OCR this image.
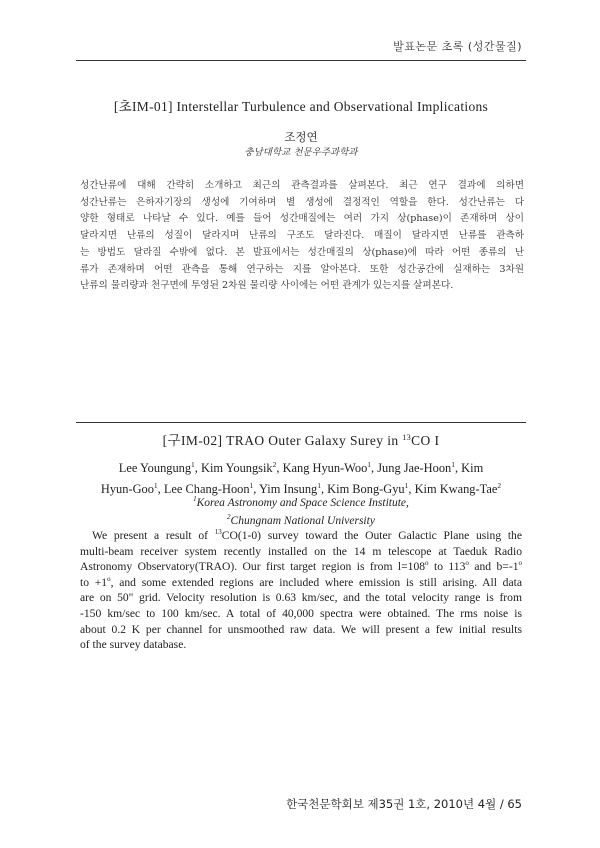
발표논문 초록 (성간물질)
[초IM-01] Interstellar Turbulence and Observational Implications
조정연
충남대학교 천문우주과학과
성간난류에 대해 간략히 소개하고 최근의 관측결과를 살펴본다. 최근 연구 결과에 의하면
성간난류는 은하자기장의 생성에 기여하며 별 생성에 결정적인 역할을 한다. 성간난류는 다
양한 형태로 나타날 수 있다. 예를 들어 성간매질에는 여러 가지 상(phase)이 존재하며 상이
달라지면 난류의 성질이 달라지며 난류의 구조도 달라진다. 매질이 달라지면 난류를 관측하
는 방법도 달라질 수밖에 없다. 본 발표에서는 성간매질의 상(phase)에 따라 어떤 종류의 난
류가 존재하며 어떤 관측을 통해 연구하는 지를 알아본다. 또한 성간공간에 실재하는 3차원
난류의 물리량과 천구면에 투영된 2차원 물리량 사이에는 어떤 관계가 있는지를 살펴본다.
[구IM-02] TRAO Outer Galaxy Surey in $^{13}$CO I
Lee Youngung$^1$, Kim Youngsik$^2$, Kang Hyun-Woo$^1$, Jung Jae-Hoon$^1$, Kim
Hyun-Goo$^1$, Lee Chang-Hoon$^1$, Yim Insung$^1$, Kim Bong-Gyu$^1$, Kim Kwang-Tae$^2$
$^1$Korea Astronomy and Space Science Institute,
$^2$Chungnam National University
We present a result of $^{13}$CO(1-0) survey toward the Outer Galactic Plane using the
multi-beam receiver system recently installed on the 14 m telescope at Taeduk Radio
Astronomy Observatory(TRAO). Our first target region is from $l=108^o$ to 113$^o$ and $b=-1^o$
to $+1^o$, and some extended regions are included where emission is still arising. All data
are on 50" grid. Velocity resolution is 0.63 km/sec, and the total velocity range is from
-150 km/sec to 100 km/sec. A total of 40,000 spectra were obtained. The rms noise is
about 0.2 K per channel for unsmoothed raw data. We will present a few initial results
of the survey database.
한국천문학회보 제35권 1호, 2010년 4월 / 65
